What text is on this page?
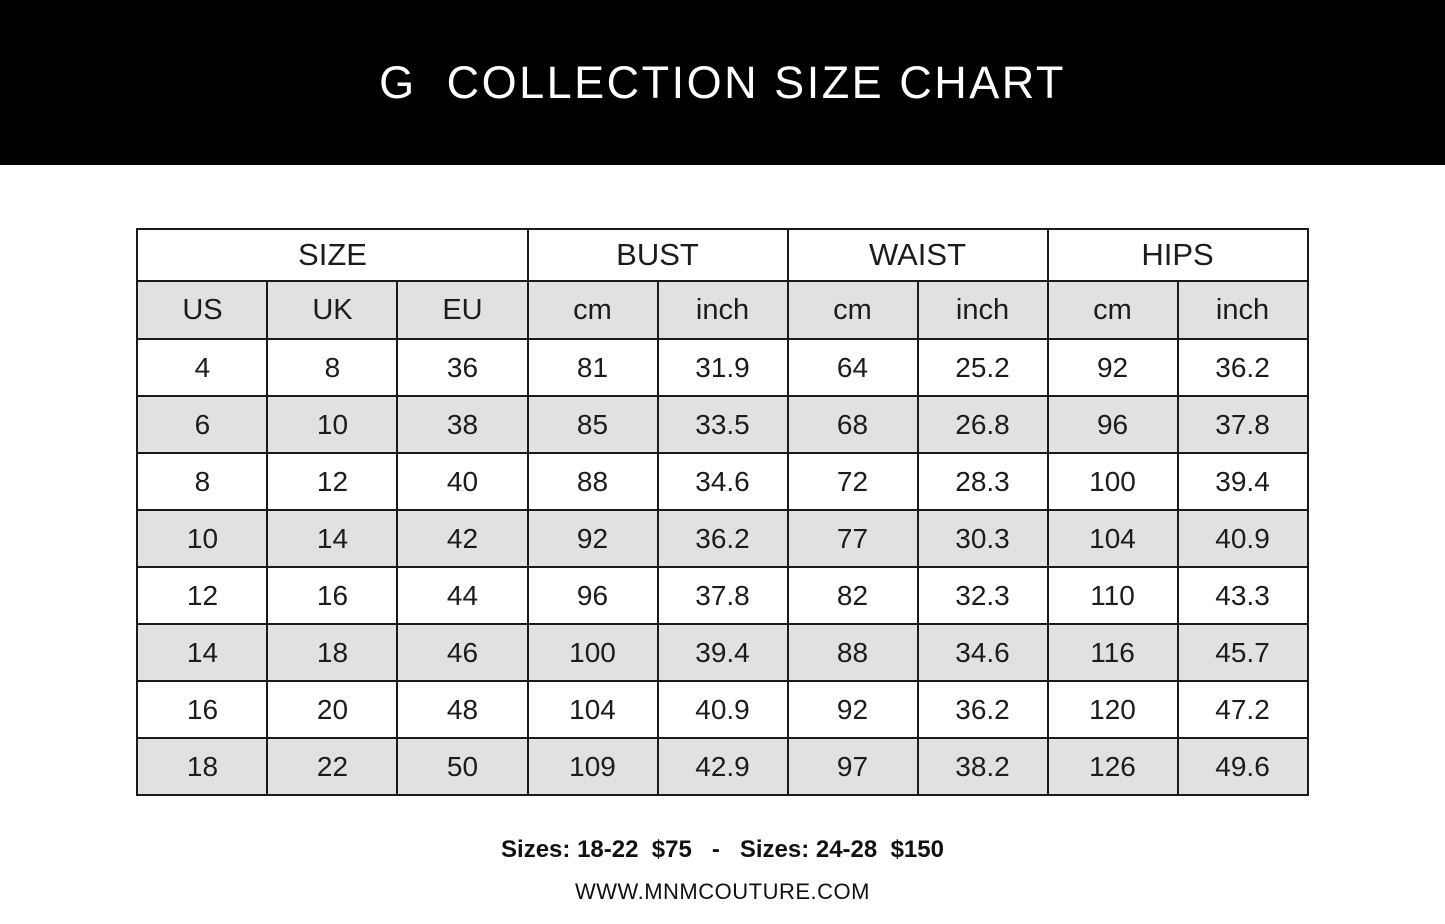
G  COLLECTION SIZE CHART
SIZE			BUST		WAIST		HIPS	
US	UK	EU	cm	inch	cm	inch	cm	inch
4	8	36	81	31.9	64	25.2	92	36.2
6	10	38	85	33.5	68	26.8	96	37.8
8	12	40	88	34.6	72	28.3	100	39.4
10	14	42	92	36.2	77	30.3	104	40.9
12	16	44	96	37.8	82	32.3	110	43.3
14	18	46	100	39.4	88	34.6	116	45.7
16	20	48	104	40.9	92	36.2	120	47.2
18	22	50	109	42.9	97	38.2	126	49.6
Sizes: 18-22  $75   -   Sizes: 24-28  $150
WWW.MNMCOUTURE.COM
